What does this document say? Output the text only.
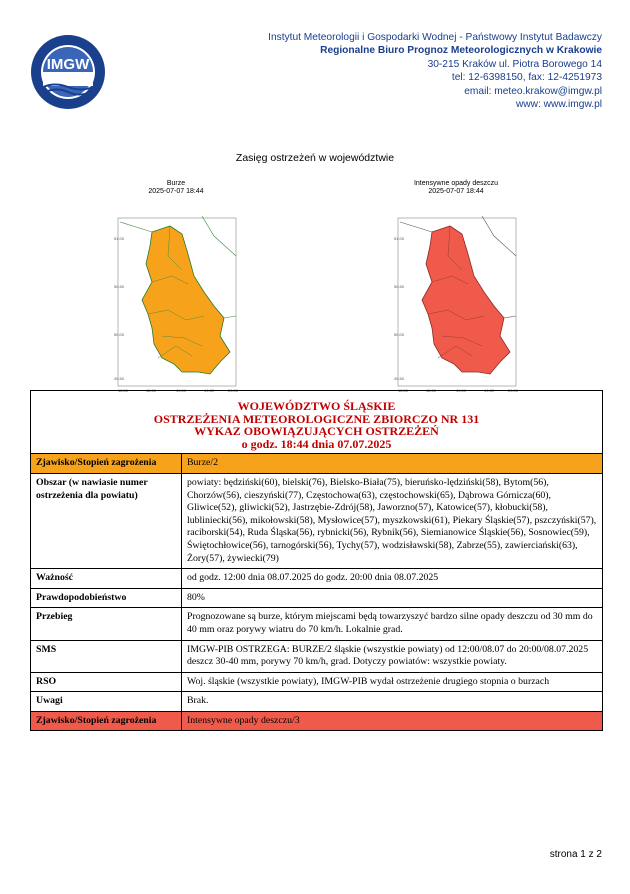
IMGW
Instytut Meteorologii i Gospodarki Wodnej - Państwowy Instytut Badawczy
Regionalne Biuro Prognoz Meteorologicznych w Krakowie
30-215 Kraków ul. Piotra Borowego 14
tel: 12-6398150, fax: 12-4251973
email: meteo.krakow@imgw.pl
www: www.imgw.pl
Zasięg ostrzeżeń w województwie
Burze
2025-07-07 18:44
51.00
50.50
50.00
49.50
18.00	18.50	19.00	19.50	20.00
Intensywne opady deszczu
2025-07-07 18:44
51.00
50.50
50.00
49.50
18.00	18.50	19.00	19.50	20.00
WOJEWÓDZTWO ŚLĄSKIE
OSTRZEŻENIA METEOROLOGICZNE ZBIORCZO NR 131
WYKAZ OBOWIĄZUJĄCYCH OSTRZEŻEŃ
o godz. 18:44 dnia 07.07.2025	

Zjawisko/Stopień zagrożenia	Burze/2
Obszar (w nawiasie numer ostrzeżenia dla powiatu)	powiaty: będziński(60), bielski(76), Bielsko-Biała(75), bieruńsko-lędziński(58), Bytom(56), Chorzów(56), cieszyński(77), Częstochowa(63), częstochowski(65), Dąbrowa Górnicza(60), Gliwice(52), gliwicki(52), Jastrzębie-Zdrój(58), Jaworzno(57), Katowice(57), kłobucki(58), lubliniecki(56), mikołowski(58), Mysłowice(57), myszkowski(61), Piekary Śląskie(57), pszczyński(57), raciborski(54), Ruda Śląska(56), rybnicki(56), Rybnik(56), Siemianowice Śląskie(56), Sosnowiec(59), Świętochłowice(56), tarnogórski(56), Tychy(57), wodzisławski(58), Zabrze(55), zawierciański(63), Żory(57), żywiecki(79)
Ważność	od godz. 12:00 dnia 08.07.2025 do godz. 20:00 dnia 08.07.2025
Prawdopodobieństwo	80%
Przebieg	Prognozowane są burze, którym miejscami będą towarzyszyć bardzo silne opady deszczu od 30 mm do 40 mm oraz porywy wiatru do 70 km/h. Lokalnie grad.
SMS	IMGW-PIB OSTRZEGA: BURZE/2 śląskie (wszystkie powiaty) od 12:00/08.07 do 20:00/08.07.2025 deszcz 30-40 mm, porywy 70 km/h, grad. Dotyczy powiatów: wszystkie powiaty.
RSO	Woj. śląskie (wszystkie powiaty), IMGW-PIB wydał ostrzeżenie drugiego stopnia o burzach
Uwagi	Brak.
Zjawisko/Stopień zagrożenia	Intensywne opady deszczu/3
strona 1 z 2
